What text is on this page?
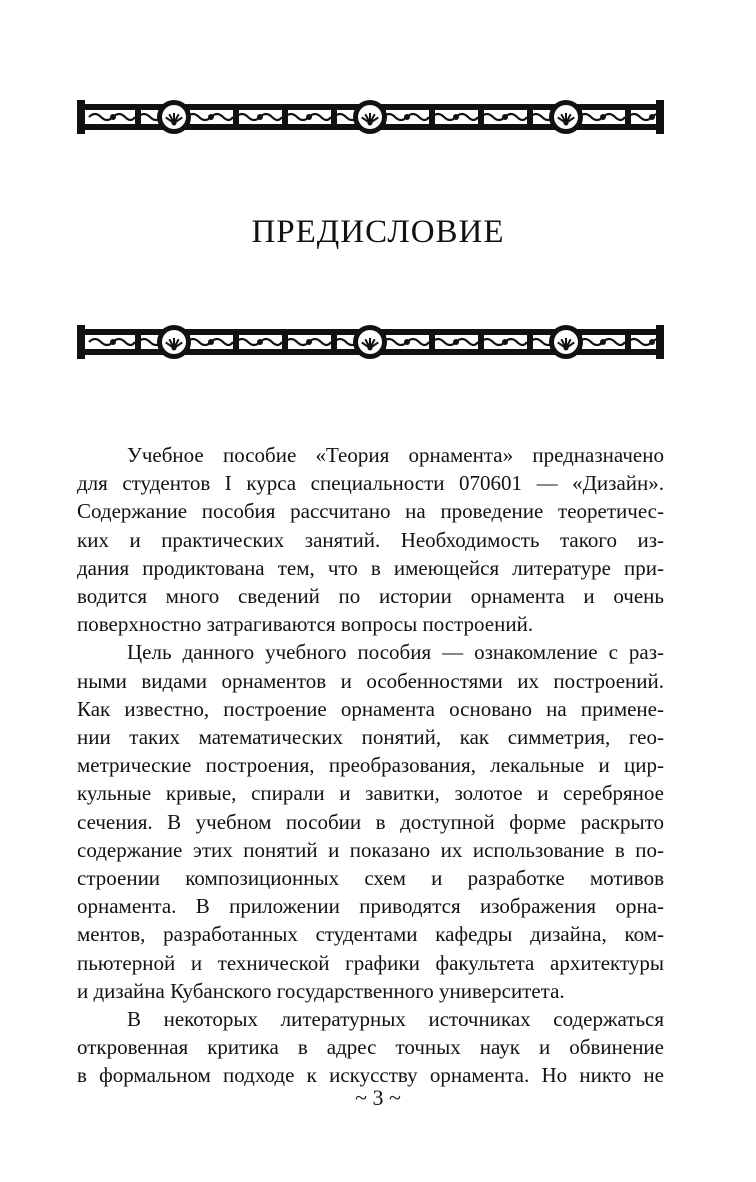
ПРЕДИСЛОВИЕ

Учебное пособие «Теория орнамента» предназначено

для студентов I курса специальности 070601 — «Дизайн».

Содержание пособия рассчитано на проведение теоретичес-

ких и практических занятий. Необходимость такого из-

дания продиктована тем, что в имеющейся литературе при-

водится много сведений по истории орнамента и очень

поверхностно затрагиваются вопросы построений.

Цель данного учебного пособия — ознакомление с раз-

ными видами орнаментов и особенностями их построений.

Как известно, построение орнамента основано на примене-

нии таких математических понятий, как симметрия, гео-

метрические построения, преобразования, лекальные и цир-

кульные кривые, спирали и завитки, золотое и серебряное

сечения. В учебном пособии в доступной форме раскрыто

содержание этих понятий и показано их использование в по-

строении композиционных схем и разработке мотивов

орнамента. В приложении приводятся изображения орна-

ментов, разработанных студентами кафедры дизайна, ком-

пьютерной и технической графики факультета архитектуры

и дизайна Кубанского государственного университета.

В некоторых литературных источниках содержаться

откровенная критика в адрес точных наук и обвинение

в формальном подходе к искусству орнамента. Но никто не

~ 3 ~
